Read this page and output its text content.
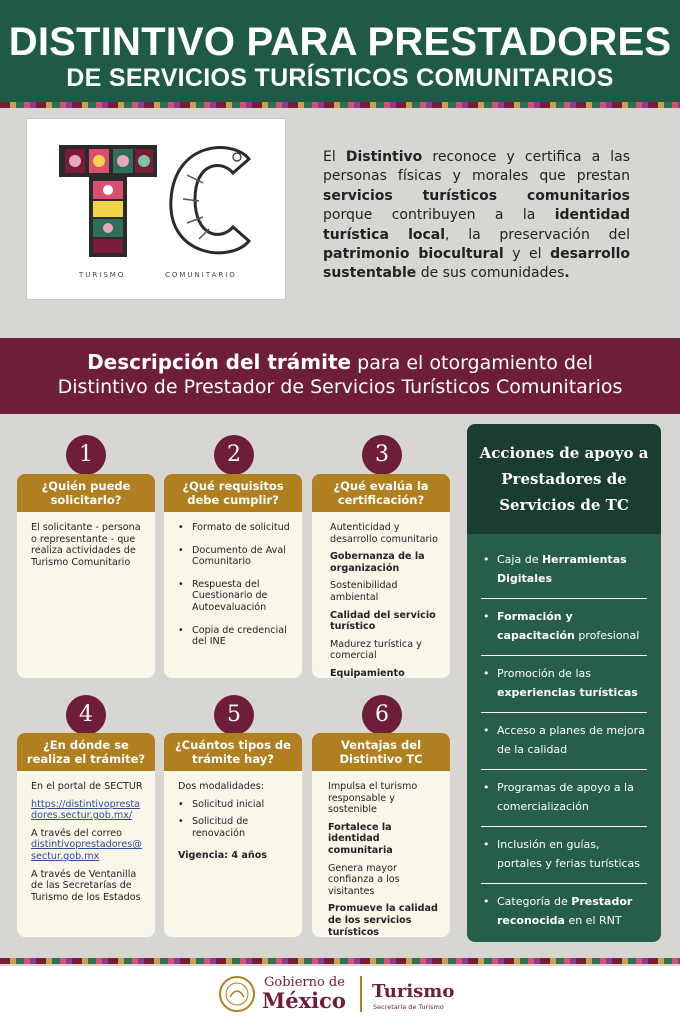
DISTINTIVO PARA PRESTADORES
DE SERVICIOS TURÍSTICOS COMUNITARIOS
TURISMO	COMUNITARIO
El Distintivo reconoce y certifica a las personas físicas y morales que prestan servicios turísticos comunitarios porque contribuyen a la identidad turística local, la preservación del patrimonio biocultural y el desarrollo sustentable de sus comunidades.
Descripción del trámite para el otorgamiento del
Distintivo de Prestador de Servicios Turísticos Comunitarios
1
¿Quién puede solicitarlo?

El solicitante - persona o representante - que realiza actividades de Turismo Comunitario

2
¿Qué requisitos debe cumplir?
• Formato de solicitud
• Documento de Aval Comunitario
• Respuesta del Cuestionario de Autoevaluación
• Copia de credencial del INE
3
¿Qué evalúa la certificación?

Autenticidad y desarrollo comunitario

Gobernanza de la organización

Sostenibilidad ambiental

Calidad del servicio turístico

Madurez turística y comercial

Equipamiento

4
¿En dónde se realiza el trámite?

En el portal de SECTUR

https://distintivoprestadores.sectur.gob.mx/

A través del correo

distintivoprestadores@sectur.gob.mx

A través de Ventanilla de las Secretarías de Turismo de los Estados

5
¿Cuántos tipos de trámite hay?

Dos modalidades:

• Solicitud inicial
• Solicitud de renovación

Vigencia: 4 años

6
Ventajas del Distintivo TC

Impulsa el turismo responsable y sostenible

Fortalece la identidad comunitaria

Genera mayor confianza a los visitantes

Promueve la calidad de los servicios turísticos

Acciones de apoyo a Prestadores de Servicios de TC
• Caja de Herramientas Digitales
• Formación y capacitación profesional
• Promoción de las experiencias turísticas
• Acceso a planes de mejora de la calidad
• Programas de apoyo a la comercialización
• Inclusión en guías, portales y ferias turísticas
• Categoría de Prestador reconocida en el RNT
Gobierno de
México Turismo
Secretaría de Turismo
